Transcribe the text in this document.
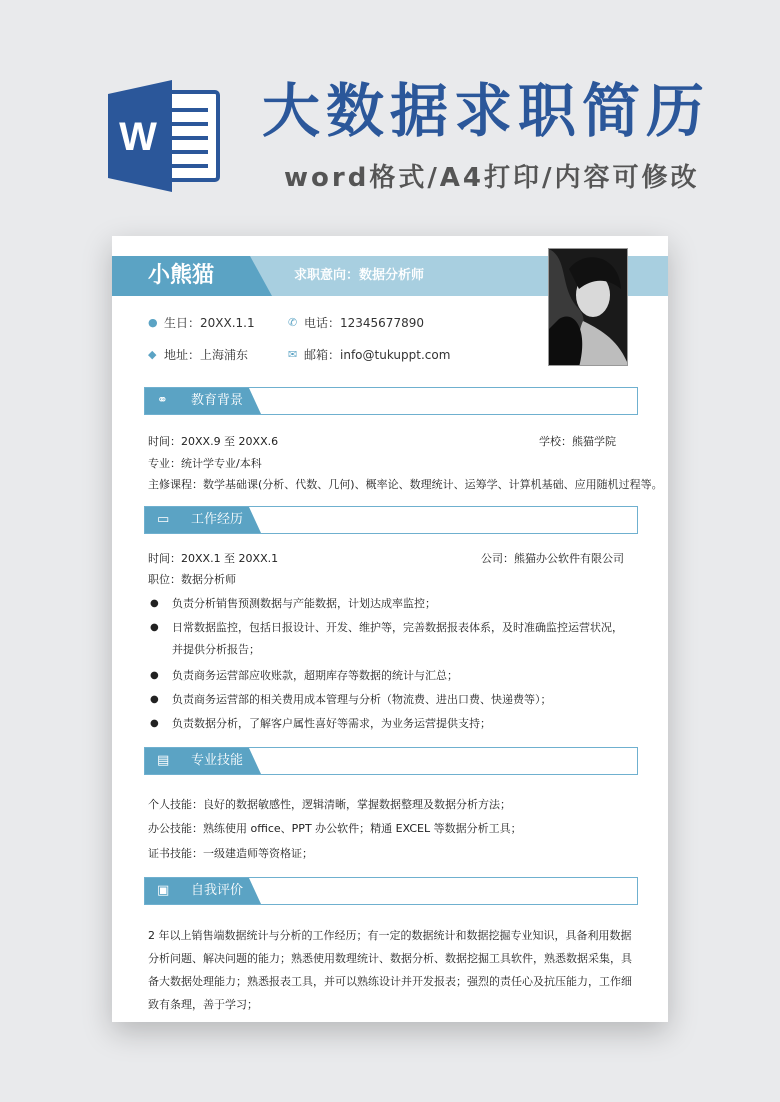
W 大数据求职简历
word格式/A4打印/内容可修改
小熊猫	求职意向：数据分析师
● 生日：20XX.1.1	✆ 电话：12345677890
◆ 地址：上海浦东	✉ 邮箱：info@tukuppt.com
⚭ 教育背景
时间：20XX.9 至 20XX.6	学校：熊猫学院
专业：统计学专业/本科
主修课程：数学基础课(分析、代数、几何)、概率论、数理统计、运筹学、计算机基础、应用随机过程等。
▭ 工作经历
时间：20XX.1 至 20XX.1	公司：熊猫办公软件有限公司
职位：数据分析师
●	负责分析销售预测数据与产能数据，计划达成率监控；
●	日常数据监控，包括日报设计、开发、维护等，完善数据报表体系，及时准确监控运营状况，并提供分析报告；
●	负责商务运营部应收账款，超期库存等数据的统计与汇总；
●	负责商务运营部的相关费用成本管理与分析（物流费、进出口费、快递费等）；
●	负责数据分析，了解客户属性喜好等需求，为业务运营提供支持；
▤ 专业技能
个人技能：良好的数据敏感性，逻辑清晰，掌握数据整理及数据分析方法；
办公技能：熟练使用 office、PPT 办公软件；精通 EXCEL 等数据分析工具；
证书技能：一级建造师等资格证；
▣ 自我评价
2 年以上销售端数据统计与分析的工作经历；有一定的数据统计和数据挖掘专业知识，具备利用数据分析问题、解决问题的能力；熟悉使用数理统计、数据分析、数据挖掘工具软件，熟悉数据采集，具备大数据处理能力；熟悉报表工具，并可以熟练设计并开发报表；强烈的责任心及抗压能力，工作细致有条理，善于学习；
